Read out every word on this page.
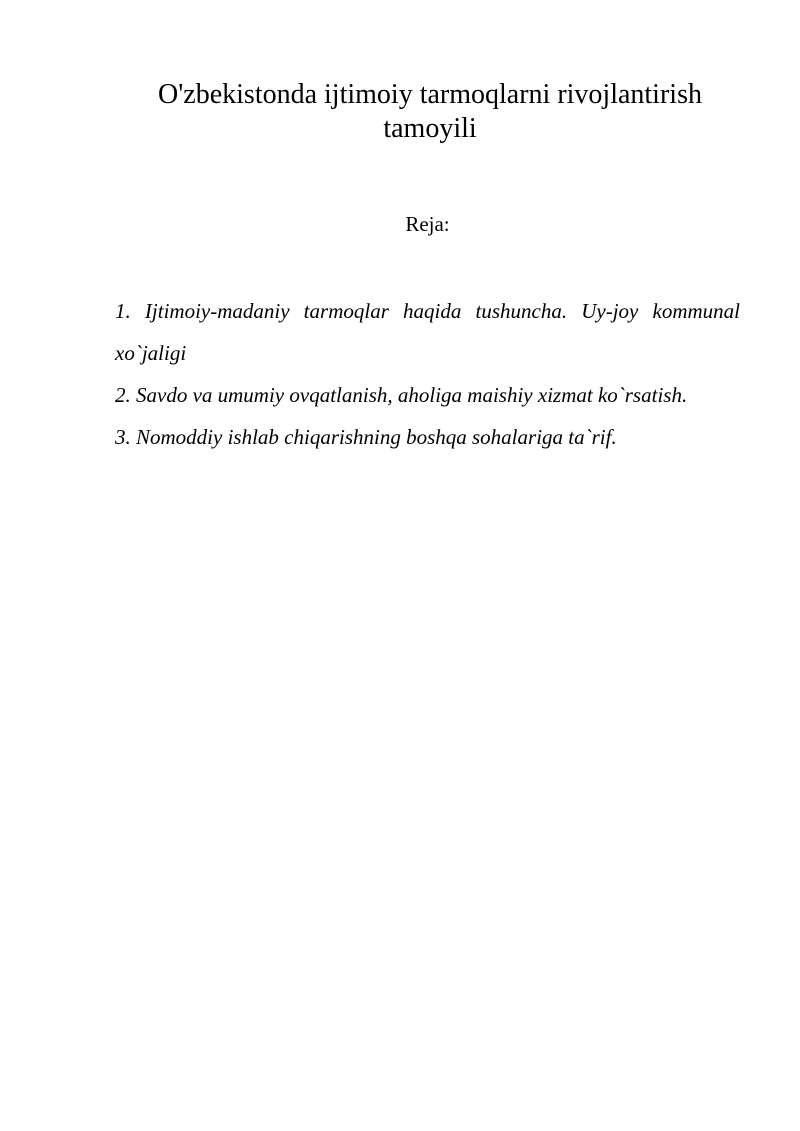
O'zbekistonda ijtimoiy tarmoqlarni rivojlantirish tamoyili

Reja:

1. Ijtimoiy-madaniy tarmoqlar haqida tushuncha. Uy-joy kommunal xo`jaligi
2. Savdo va umumiy ovqatlanish, aholiga maishiy xizmat ko`rsatish.
3. Nomoddiy ishlab chiqarishning boshqa sohalariga ta`rif.
